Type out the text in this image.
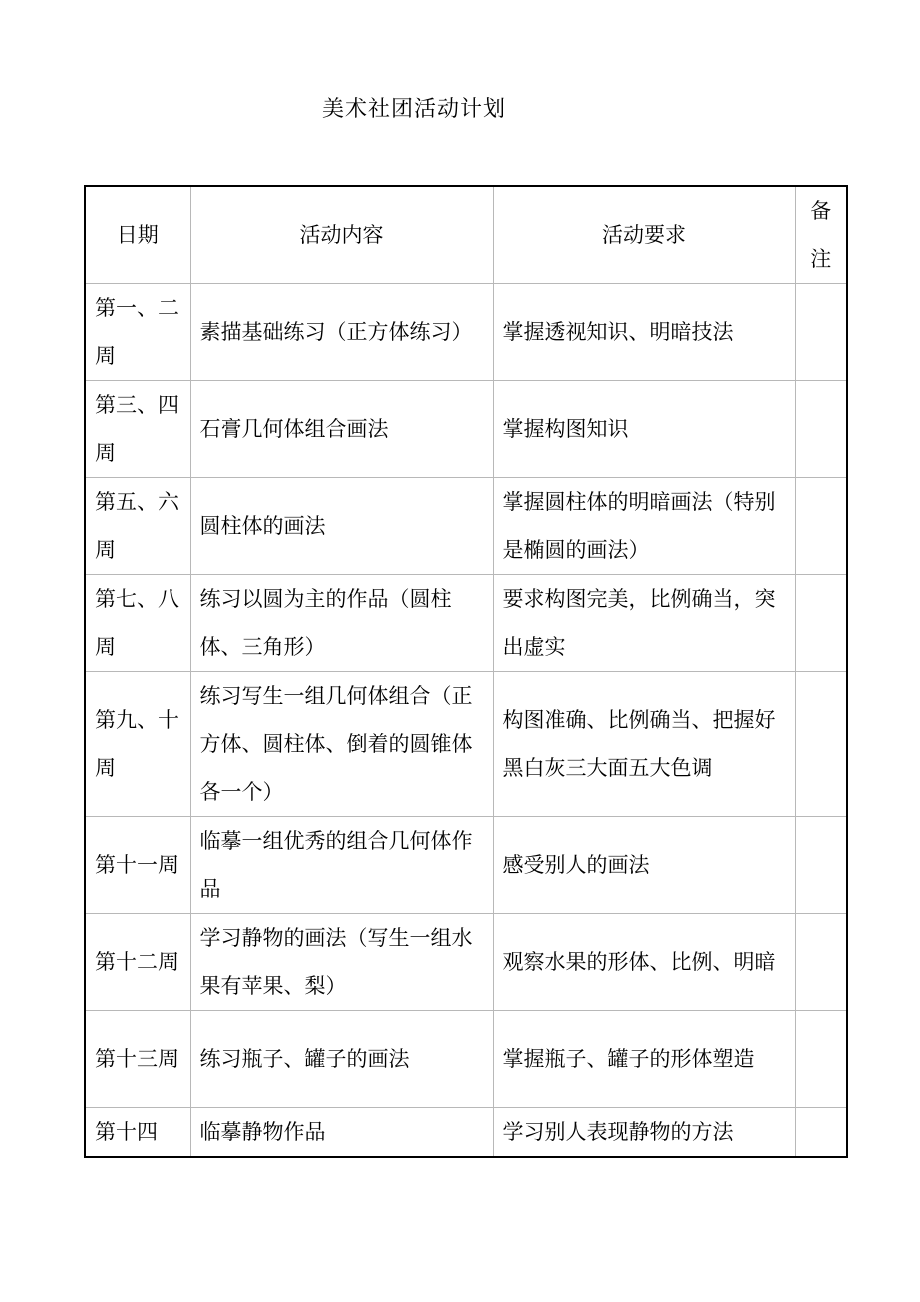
美术社团活动计划
日期	活动内容	活动要求	备注
第一、二周	素描基础练习（正方体练习）	掌握透视知识、明暗技法	
第三、四周	石膏几何体组合画法	掌握构图知识	
第五、六周	圆柱体的画法	掌握圆柱体的明暗画法（特别是椭圆的画法）	
第七、八周	练习以圆为主的作品（圆柱体、三角形）	要求构图完美，比例确当，突出虚实	
第九、十周	练习写生一组几何体组合（正方体、圆柱体、倒着的圆锥体各一个）	构图准确、比例确当、把握好黑白灰三大面五大色调	
第十一周	临摹一组优秀的组合几何体作品	感受别人的画法	
第十二周	学习静物的画法（写生一组水果有苹果、梨）	观察水果的形体、比例、明暗	
第十三周	练习瓶子、罐子的画法	掌握瓶子、罐子的形体塑造	
第十四	临摹静物作品	学习别人表现静物的方法	
